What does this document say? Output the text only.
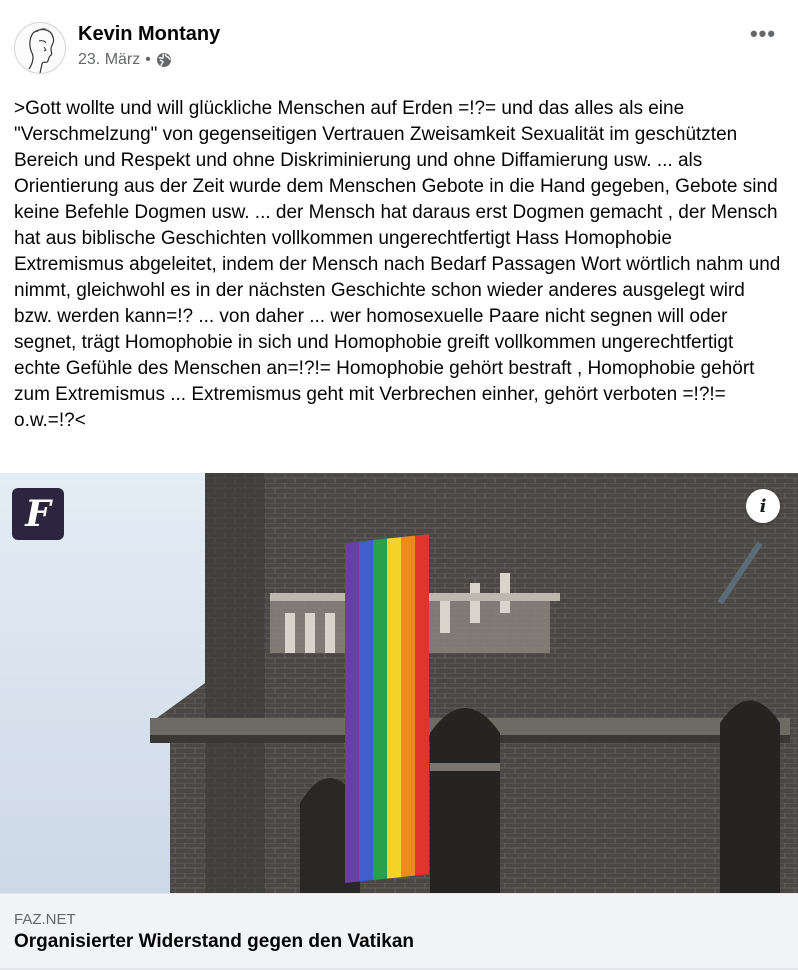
Kevin Montany
23. März •
•••

>Gott wollte und will glückliche Menschen auf Erden =!?= und das alles als eine "Verschmelzung" von gegenseitigen Vertrauen Zweisamkeit Sexualität im geschützten Bereich und Respekt und ohne Diskriminierung und ohne Diffamierung usw. ... als Orientierung aus der Zeit wurde dem Menschen Gebote in die Hand gegeben, Gebote sind keine Befehle Dogmen usw. ... der Mensch hat daraus erst Dogmen gemacht , der Mensch hat aus biblische Geschichten vollkommen ungerechtfertigt Hass Homophobie Extremismus abgeleitet, indem der Mensch nach Bedarf Passagen Wort wörtlich nahm und nimmt, gleichwohl es in der nächsten Geschichte schon wieder anderes ausgelegt wird bzw. werden kann=!? ... von daher ... wer homosexuelle Paare nicht segnen will oder segnet, trägt Homophobie in sich und Homophobie greift vollkommen ungerechtfertigt echte Gefühle des Menschen an=!?!= Homophobie gehört bestraft , Homophobie gehört zum Extremismus ... Extremismus geht mit Verbrechen einher, gehört verboten =!?!= o.w.=!?<

F	i
FAZ.NET
Organisierter Widerstand gegen den Vatikan
